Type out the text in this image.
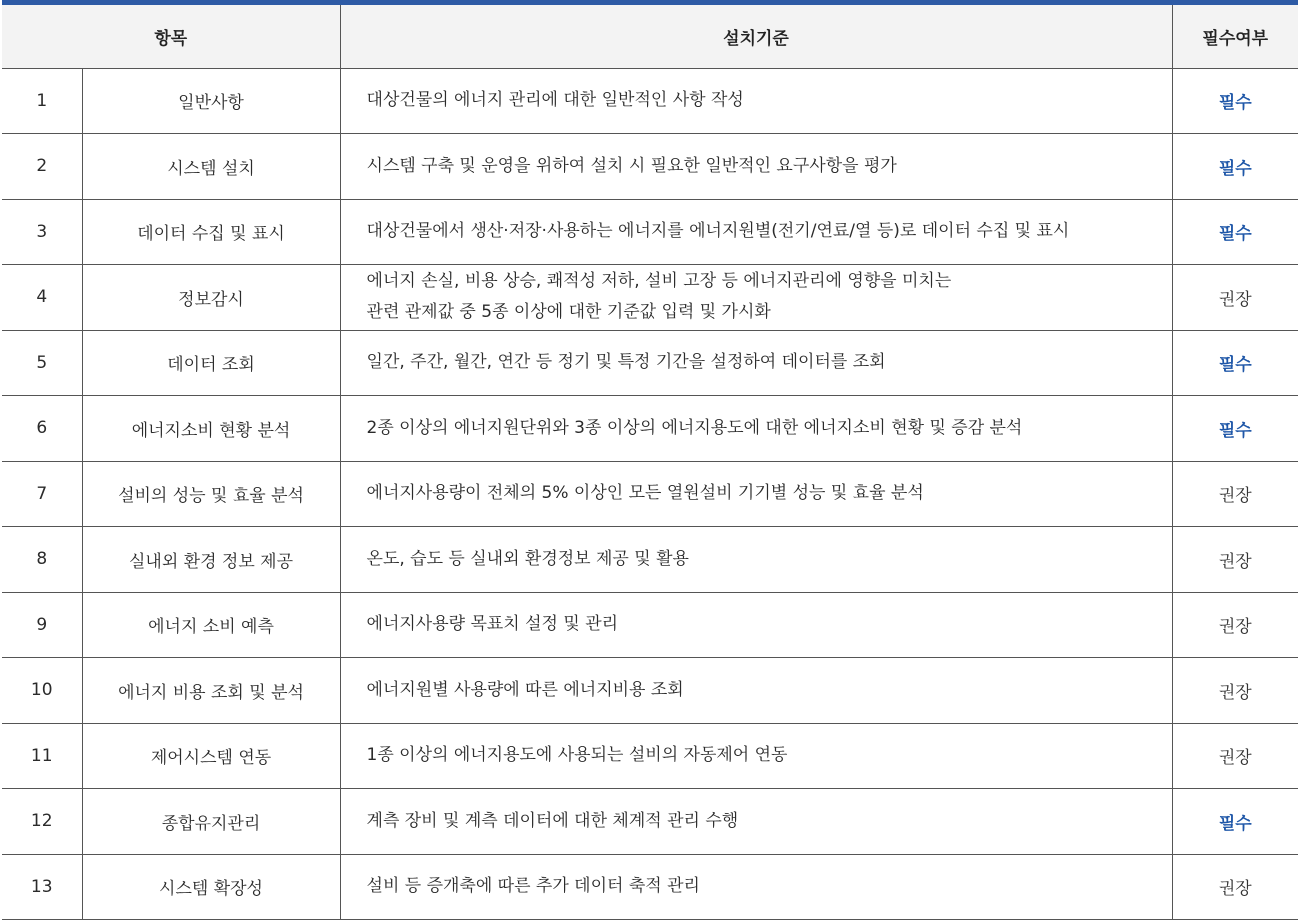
항목		설치기준	필수여부
1	일반사항	대상건물의 에너지 관리에 대한 일반적인 사항 작성	필수
2	시스템 설치	시스템 구축 및 운영을 위하여 설치 시 필요한 일반적인 요구사항을 평가	필수
3	데이터 수집 및 표시	대상건물에서 생산·저장·사용하는 에너지를 에너지원별(전기/연료/열 등)로 데이터 수집 및 표시	필수
4	정보감시	에너지 손실, 비용 상승, 쾌적성 저하, 설비 고장 등 에너지관리에 영향을 미치는
관련 관제값 중 5종 이상에 대한 기준값 입력 및 가시화	권장
5	데이터 조회	일간, 주간, 월간, 연간 등 정기 및 특정 기간을 설정하여 데이터를 조회	필수
6	에너지소비 현황 분석	2종 이상의 에너지원단위와 3종 이상의 에너지용도에 대한 에너지소비 현황 및 증감 분석	필수
7	설비의 성능 및 효율 분석	에너지사용량이 전체의 5% 이상인 모든 열원설비 기기별 성능 및 효율 분석	권장
8	실내외 환경 정보 제공	온도, 습도 등 실내외 환경정보 제공 및 활용	권장
9	에너지 소비 예측	에너지사용량 목표치 설정 및 관리	권장
10	에너지 비용 조회 및 분석	에너지원별 사용량에 따른 에너지비용 조회	권장
11	제어시스템 연동	1종 이상의 에너지용도에 사용되는 설비의 자동제어 연동	권장
12	종합유지관리	계측 장비 및 계측 데이터에 대한 체계적 관리 수행	필수
13	시스템 확장성	설비 등 증개축에 따른 추가 데이터 축적 관리	권장
